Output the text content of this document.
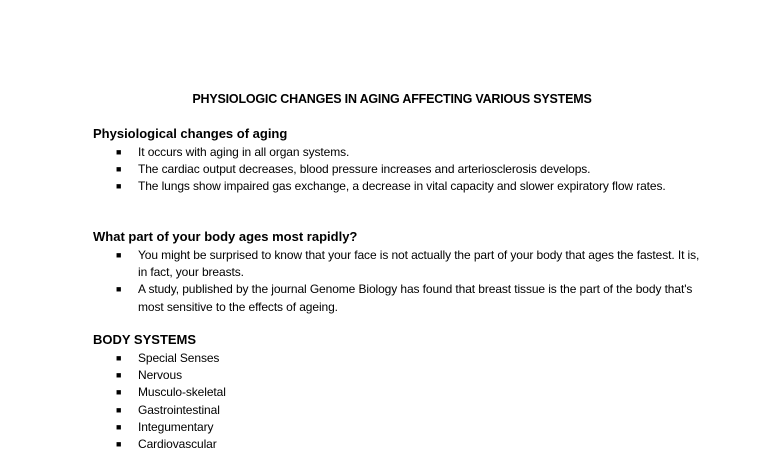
PHYSIOLOGIC CHANGES IN AGING AFFECTING VARIOUS SYSTEMS
Physiological changes of aging
■ It occurs with aging in all organ systems.
■ The cardiac output decreases, blood pressure increases and arteriosclerosis develops.
■ The lungs show impaired gas exchange, a decrease in vital capacity and slower expiratory flow rates.
What part of your body ages most rapidly?
■ You might be surprised to know that your face is not actually the part of your body that ages the fastest. It is, in fact, your breasts.
■ A study, published by the journal Genome Biology has found that breast tissue is the part of the body that's most sensitive to the effects of ageing.
BODY SYSTEMS
■ Special Senses
■ Nervous
■ Musculo-skeletal
■ Gastrointestinal
■ Integumentary
■ Cardiovascular
